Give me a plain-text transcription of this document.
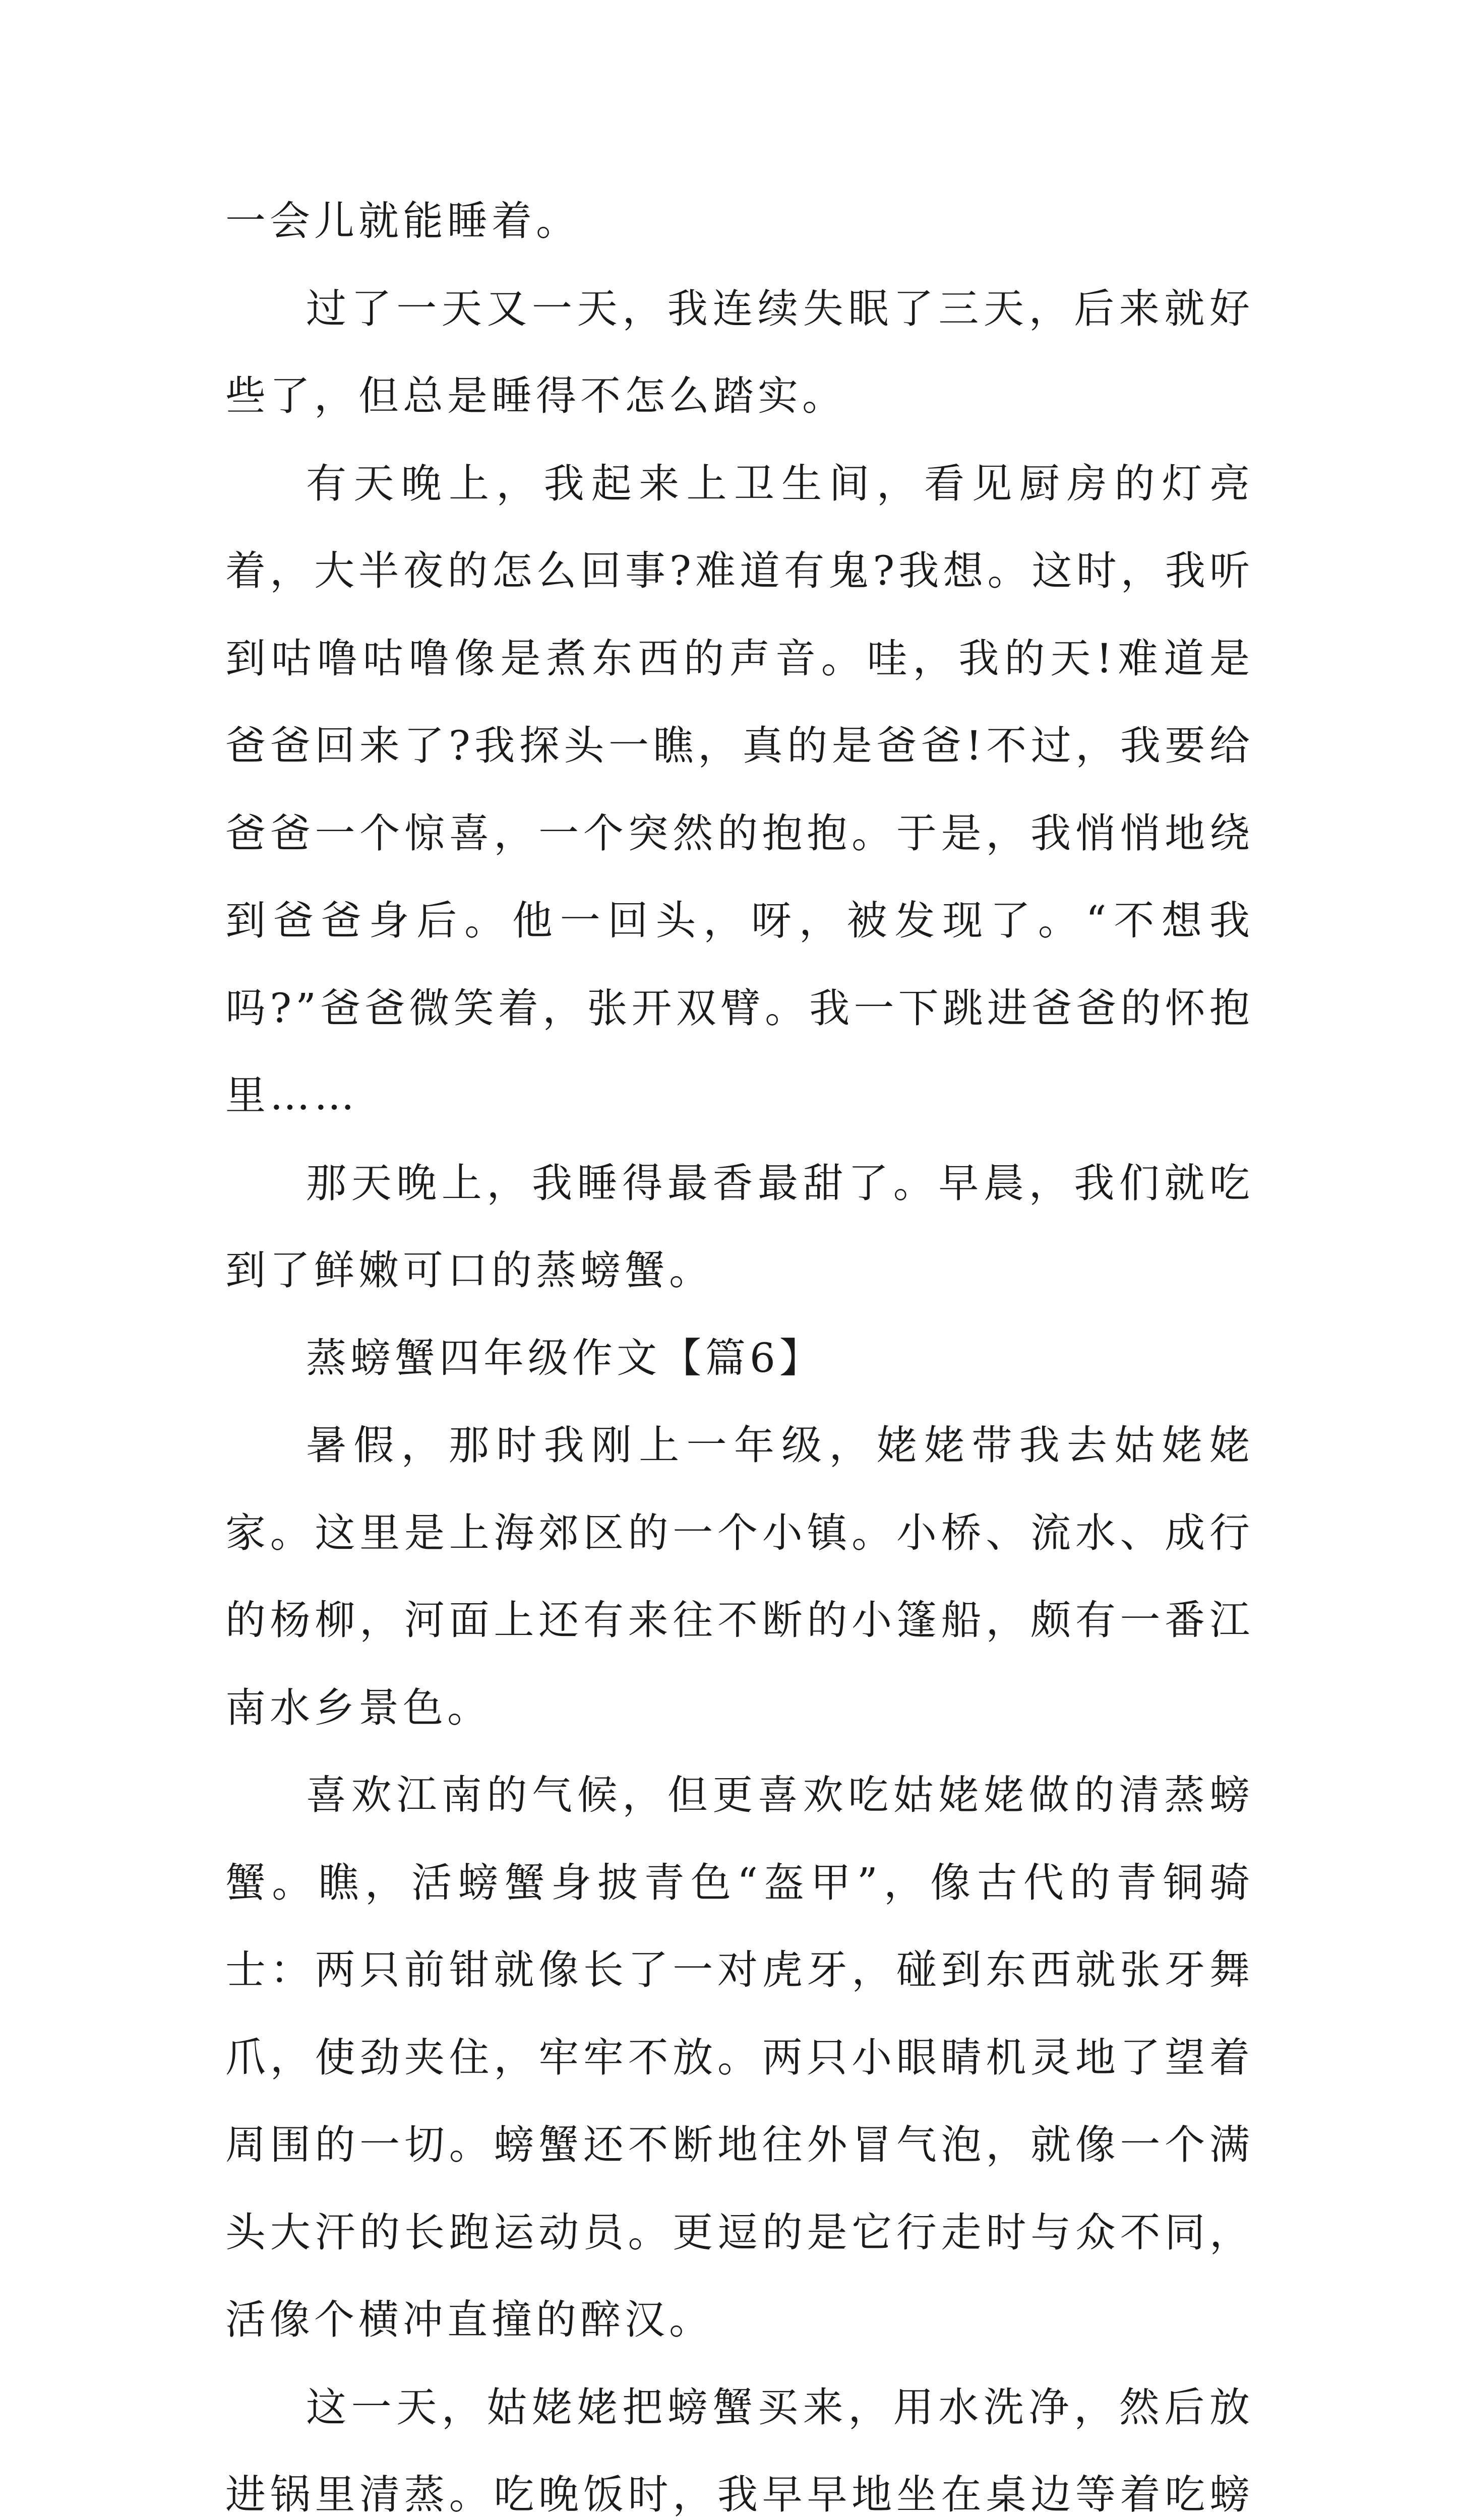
一会儿就能睡着。

过了一天又一天，我连续失眠了三天，后来就好些了，但总是睡得不怎么踏实。

有天晚上，我起来上卫生间，看见厨房的灯亮着，大半夜的怎么回事?难道有鬼?我想。这时，我听到咕噜咕噜像是煮东西的声音。哇，我的天!难道是爸爸回来了?我探头一瞧，真的是爸爸!不过，我要给爸爸一个惊喜，一个突然的抱抱。于是，我悄悄地绕到爸爸身后。他一回头，呀，被发现了。“不想我吗?”爸爸微笑着，张开双臂。我一下跳进爸爸的怀抱里……

那天晚上，我睡得最香最甜了。早晨，我们就吃到了鲜嫩可口的蒸螃蟹。

蒸螃蟹四年级作文【篇6】

暑假，那时我刚上一年级，姥姥带我去姑姥姥家。这里是上海郊区的一个小镇。小桥、流水、成行的杨柳，河面上还有来往不断的小篷船，颇有一番江南水乡景色。

喜欢江南的气候，但更喜欢吃姑姥姥做的清蒸螃蟹。瞧，活螃蟹身披青色“盔甲”，像古代的青铜骑士：两只前钳就像长了一对虎牙，碰到东西就张牙舞爪，使劲夹住，牢牢不放。两只小眼睛机灵地了望着周围的一切。螃蟹还不断地往外冒气泡，就像一个满头大汗的长跑运动员。更逗的是它行走时与众不同，活像个横冲直撞的醉汉。

这一天，姑姥姥把螃蟹买来，用水洗净，然后放进锅里清蒸。吃晚饭时，我早早地坐在桌边等着吃螃
